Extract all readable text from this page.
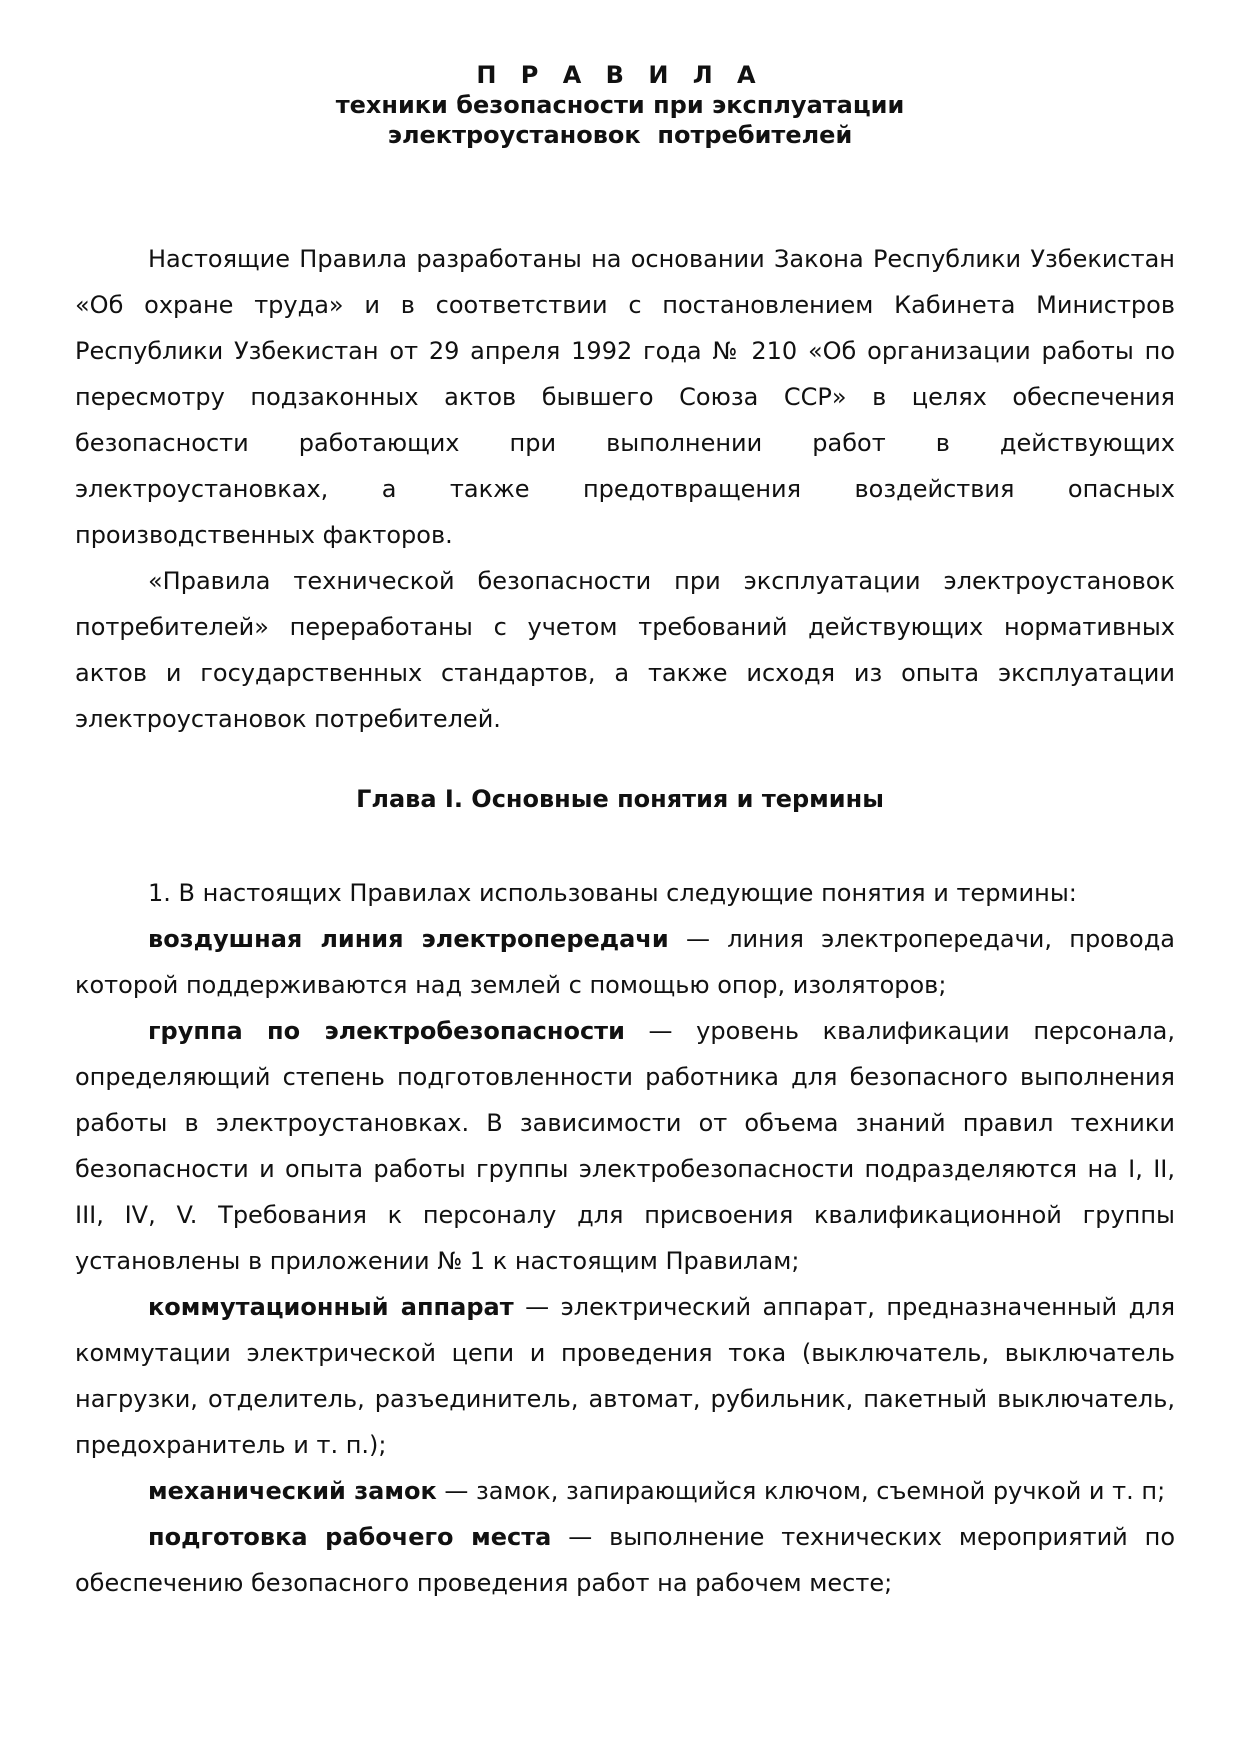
П Р А В И Л А
техники безопасности при эксплуатации
электроустановок  потребителей

Настоящие Правила разработаны на основании Закона Республики Узбекистан «Об охране труда» и в соответствии с постановлением Кабинета Министров Республики Узбекистан от 29 апреля 1992 года № 210 «Об организации работы по пересмотру подзаконных актов бывшего Союза ССР» в целях обеспечения безопасности работающих при выполнении работ в действующих электроустановках, а также предотвращения воздействия опасных производственных факторов.

«Правила технической безопасности при эксплуатации электроустановок потребителей» переработаны с учетом требований действующих нормативных актов и государственных стандартов, а также исходя из опыта эксплуатации электроустановок потребителей.

Глава I. Основные понятия и термины

1. В настоящих Правилах использованы следующие понятия и термины:

воздушная линия электропередачи — линия электропередачи, провода которой поддерживаются над землей с помощью опор, изоляторов;

группа по электробезопасности — уровень квалификации персонала, определяющий степень подготовленности работника для безопасного выполнения работы в электроустановках. В зависимости от объема знаний правил техники безопасности и опыта работы группы электробезопасности подразделяются на I, II, III, IV, V. Требования к персоналу для присвоения квалификационной группы установлены в приложении № 1 к настоящим Правилам;

коммутационный аппарат — электрический аппарат, предназначенный для коммутации электрической цепи и проведения тока (выключатель, выключатель нагрузки, отделитель, разъединитель, автомат, рубильник, пакетный выключатель, предохранитель и т. п.);

механический замок — замок, запирающийся ключом, съемной ручкой и т. п;

подготовка рабочего места — выполнение технических мероприятий по обеспечению безопасного проведения работ на рабочем месте;
